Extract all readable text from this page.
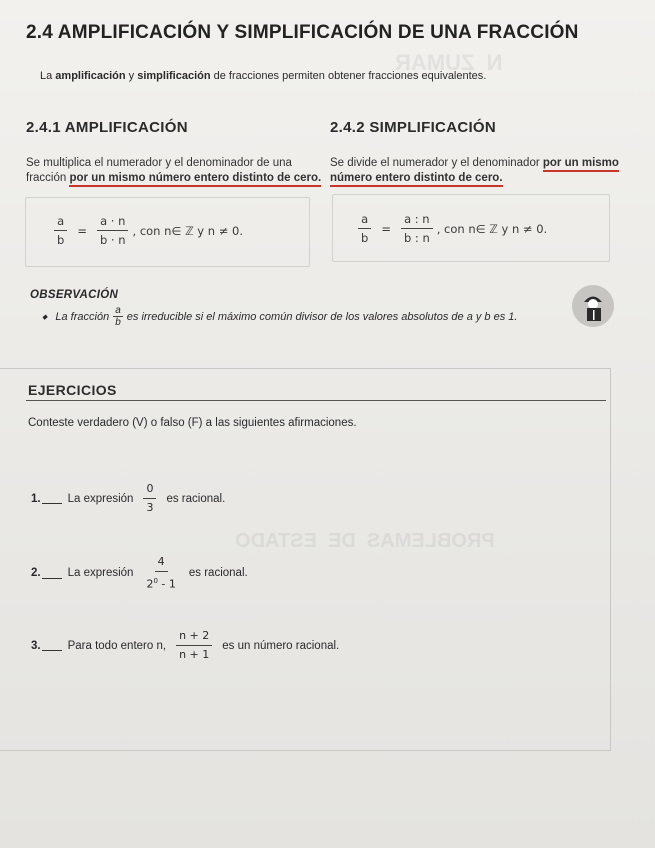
N  ZUMAR
PROBLEMAS  DE  ESTADO
2.4 AMPLIFICACIÓN Y SIMPLIFICACIÓN DE UNA FRACCIÓN
La amplificación y simplificación de fracciones permiten obtener fracciones equivalentes.
2.4.1 AMPLIFICACIÓN
Se multiplica el numerador y el denominador de una
fracción por un mismo número entero distinto de cero.
$\frac{a}{b} = \frac{a \cdot n}{b \cdot n}$ , con n∈ ℤ y n ≠ 0.
2.4.2 SIMPLIFICACIÓN
Se divide el numerador y el denominador por un mismo
número entero distinto de cero.
$\frac{a}{b} = \frac{a : n}{b : n}$ , con n∈ ℤ y n ≠ 0.
OBSERVACIÓN
◆ La fracción $\frac{a}{b}$ es irreducible si el máximo común divisor de los valores absolutos de a y b es 1.
EJERCICIOS
Conteste verdadero (V) o falso (F) a las siguientes afirmaciones.
1. La expresión $\frac{0}{3}$ es racional.
2. La expresión $\frac{4}{2^0 - 1}$ es racional.
3. Para todo entero n, $\frac{n + 2}{n + 1}$ es un número racional.
